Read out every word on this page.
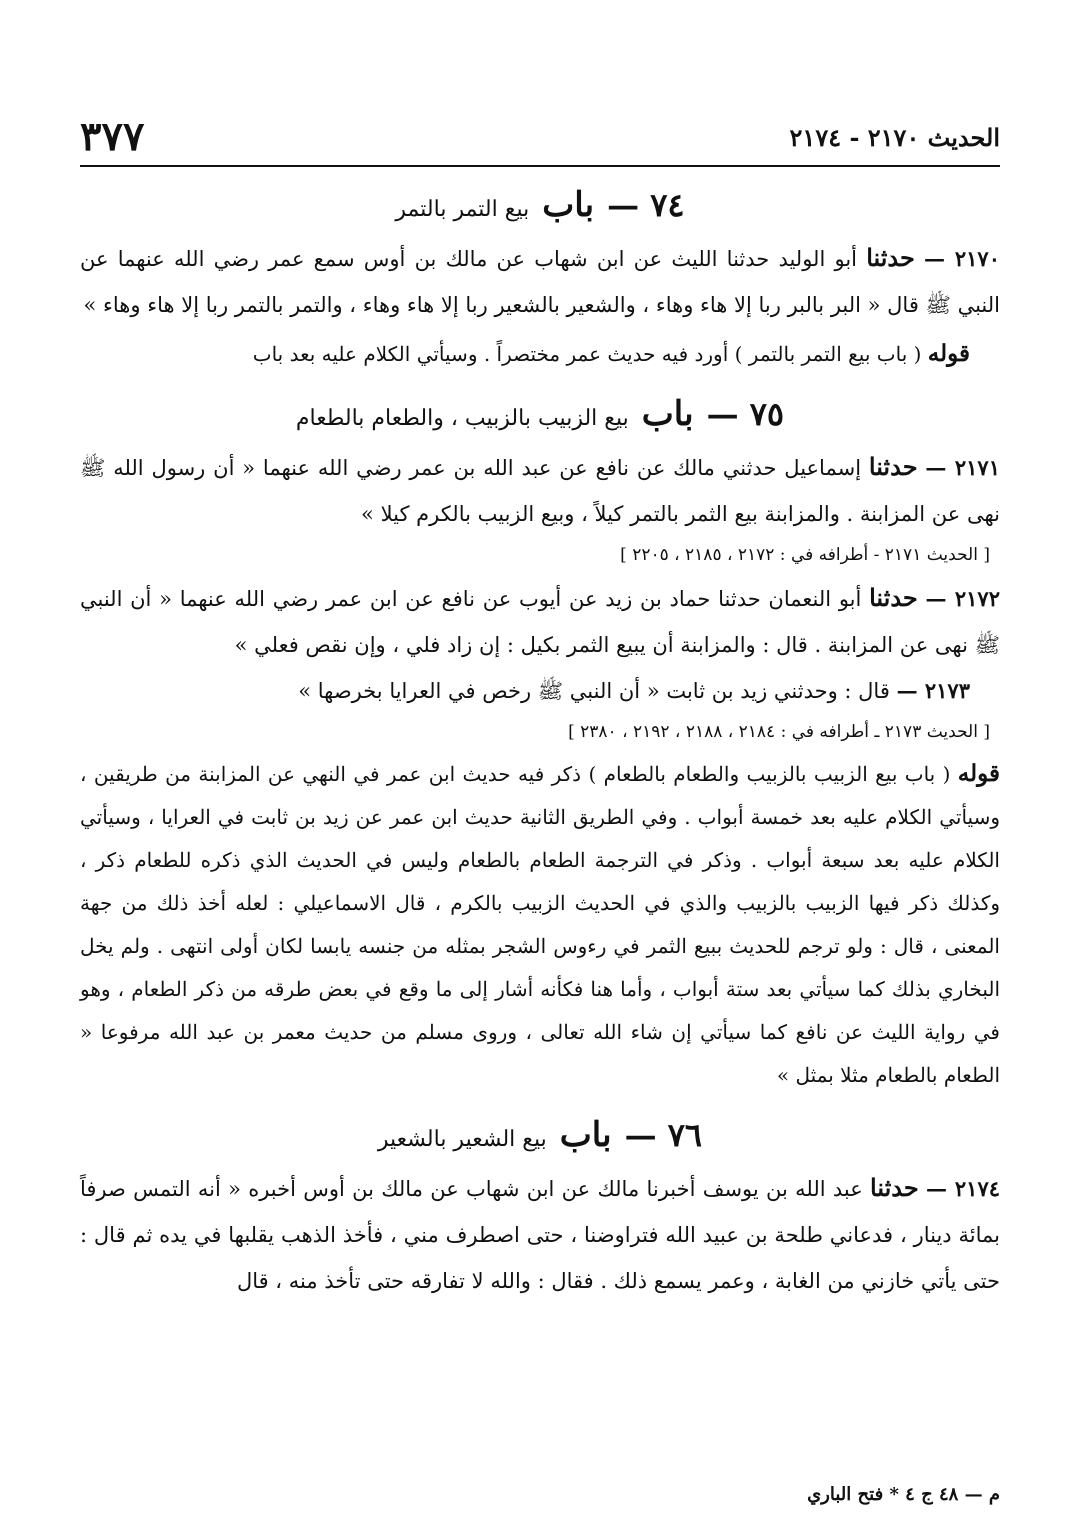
الحديث ٢١٧٠ - ٢١٧٤
٣٧٧
٧٤ — باب بيع التمر بالتمر

٢١٧٠ — حدثنا أبو الوليد حدثنا الليث عن ابن شهاب عن مالك بن أوس سمع عمر رضي الله عنهما عن النبي ﷺ قال « البر بالبر ربا إلا هاء وهاء ، والشعير بالشعير ربا إلا هاء وهاء ، والتمر بالتمر ربا إلا هاء وهاء »

قوله ( باب بيع التمر بالتمر ) أورد فيه حديث عمر مختصراً . وسيأتي الكلام عليه بعد باب

٧٥ — باب بيع الزبيب بالزبيب ، والطعام بالطعام

٢١٧١ — حدثنا إسماعيل حدثني مالك عن نافع عن عبد الله بن عمر رضي الله عنهما « أن رسول الله ﷺ نهى عن المزابنة . والمزابنة بيع الثمر بالتمر كيلاً ، وبيع الزبيب بالكرم كيلا »

[ الحديث ٢١٧١ - أطرافه في : ٢١٧٢ ، ٢١٨٥ ، ٢٢٠٥ ]

٢١٧٢ — حدثنا أبو النعمان حدثنا حماد بن زيد عن أيوب عن نافع عن ابن عمر رضي الله عنهما « أن النبي ﷺ نهى عن المزابنة . قال : والمزابنة أن يبيع الثمر بكيل : إن زاد فلي ، وإن نقص فعلي »

٢١٧٣ — قال : وحدثني زيد بن ثابت « أن النبي ﷺ رخص في العرايا بخرصها »

[ الحديث ٢١٧٣ ـ أطرافه في : ٢١٨٤ ، ٢١٨٨ ، ٢١٩٢ ، ٢٣٨٠ ]

قوله ( باب بيع الزبيب بالزبيب والطعام بالطعام ) ذكر فيه حديث ابن عمر في النهي عن المزابنة من طريقين ، وسيأتي الكلام عليه بعد خمسة أبواب . وفي الطريق الثانية حديث ابن عمر عن زيد بن ثابت في العرايا ، وسيأتي الكلام عليه بعد سبعة أبواب . وذكر في الترجمة الطعام بالطعام وليس في الحديث الذي ذكره للطعام ذكر ، وكذلك ذكر فيها الزبيب بالزبيب والذي في الحديث الزبيب بالكرم ، قال الاسماعيلي : لعله أخذ ذلك من جهة المعنى ، قال : ولو ترجم للحديث ببيع الثمر في رءوس الشجر بمثله من جنسه يابسا لكان أولى انتهى . ولم يخل البخاري بذلك كما سيأتي بعد ستة أبواب ، وأما هنا فكأنه أشار إلى ما وقع في بعض طرقه من ذكر الطعام ، وهو في رواية الليث عن نافع كما سيأتي إن شاء الله تعالى ، وروى مسلم من حديث معمر بن عبد الله مرفوعا « الطعام بالطعام مثلا بمثل »

٧٦ — باب بيع الشعير بالشعير

٢١٧٤ — حدثنا عبد الله بن يوسف أخبرنا مالك عن ابن شهاب عن مالك بن أوس أخبره « أنه التمس صرفاً بمائة دينار ، فدعاني طلحة بن عبيد الله فتراوضنا ، حتى اصطرف مني ، فأخذ الذهب يقلبها في يده ثم قال : حتى يأتي خازني من الغابة ، وعمر يسمع ذلك . فقال : والله لا تفارقه حتى تأخذ منه ، قال

م — ٤٨ ج ٤ * فتح الباري
